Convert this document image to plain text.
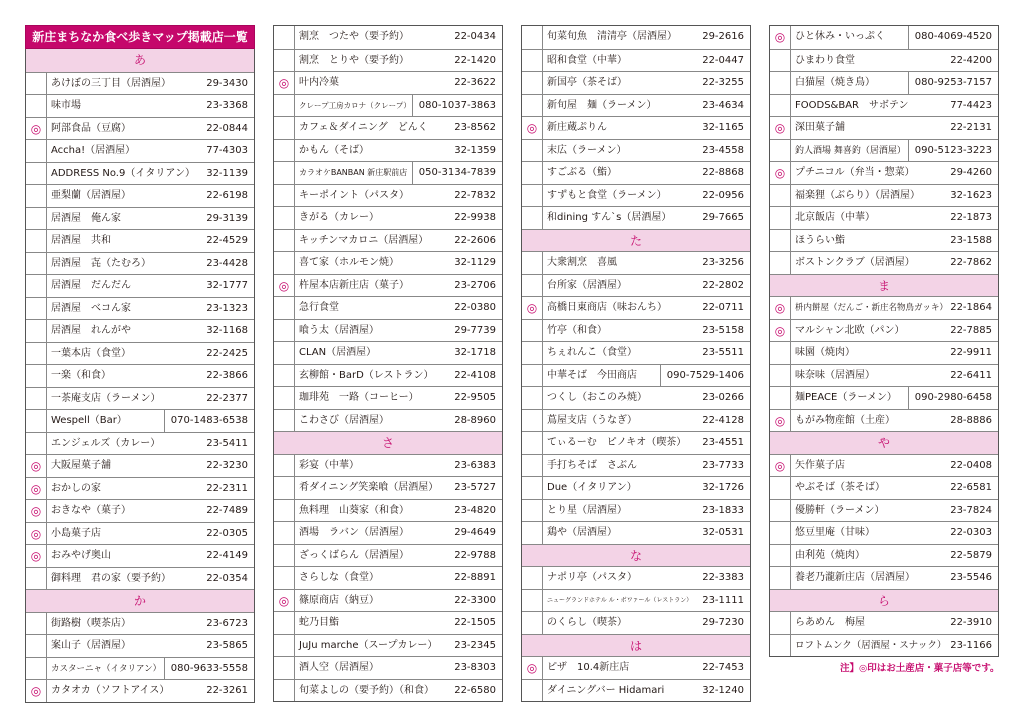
新庄まちなか食べ歩きマップ掲載店一覧
あ
あけぼの三丁目（居酒屋）	29-3430
味市場	23-3368
◎ 阿部食品（豆腐）	22-0844
Accha!（居酒屋）	77-4303
ADDRESS No.9（イタリアン）	32-1139
亜梨蘭（居酒屋）	22-6198
居酒屋　俺ん家	29-3139
居酒屋　共和	22-4529
居酒屋　㐂（たむろ）	23-4428
居酒屋　だんだん	32-1777
居酒屋　べコん家	23-1323
居酒屋　れんがや	32-1168
一葉本店（食堂）	22-2425
一楽（和食）	22-3866
一茶庵支店（ラーメン）	22-2377
Wespell（Bar）	070-1483-6538
エンジェルズ（カレー）	23-5411
◎ 大阪屋菓子舗	22-3230
◎ おかしの家	22-2311
◎ おきなや（菓子）	22-7489
◎ 小島菓子店	22-0305
◎ おみやげ奥山	22-4149
御料理　君の家（要予約）	22-0354
か
街路樹（喫茶店）	23-6723
案山子（居酒屋）	23-5865
カスターニャ（イタリアン） 080-9633-5558
◎ カタオカ（ソフトアイス）	22-3261
割烹　つたや（要予約）	22-0434
割烹　とりや（要予約）	22-1420
◎ 叶内冷菓	22-3622
クレープ工房カロナ（クレープ） 080-1037-3863
カフェ＆ダイニング　どんく	23-8562
かもん（そば）	32-1359
カラオケBANBAN 新庄駅前店	050-3134-7839
キーポイント（パスタ）	22-7832
きがる（カレー）	22-9938
キッチンマカロニ（居酒屋）	22-2606
喜て家（ホルモン焼）	32-1129
◎ 杵屋本店新庄店（菓子）	23-2706
急行食堂	22-0380
喰う太（居酒屋）	29-7739
CLAN（居酒屋）	32-1718
玄柳館・BarD（レストラン）	22-4108
珈琲苑　一路（コーヒー）	22-9505
こわさび（居酒屋）	28-8960
さ
彩宴（中華）	23-6383
肴ダイニング笑楽喰（居酒屋）	23-5727
魚料理　山葵家（和食）	23-4820
酒場　ラバン（居酒屋）	29-4649
ざっくばらん（居酒屋）	22-9788
さらしな（食堂）	22-8891
◎ 篠原商店（納豆）	22-3300
蛇乃目鮨	22-1505
JuJu marche（スープカレー）	23-2345
酒人空（居酒屋）	23-8303
旬菜よしの（要予約）（和食）	22-6580
旬菜旬魚　清清亭（居酒屋）	29-2616
昭和食堂（中華）	22-0447
新国亭（茶そば）	22-3255
新旬屋　麺（ラーメン）	23-4634
◎ 新庄蔵ぷりん	32-1165
末広（ラーメン）	23-4558
すごぶる（鮨）	22-8868
すずもと食堂（ラーメン）	22-0956
和dining すん`s（居酒屋）	29-7665
た
大衆割烹　喜風	23-3256
台所家（居酒屋）	22-2802
◎ 高橋日東商店（味おんち）	22-0711
竹亭（和食）	23-5158
ちぇれんこ（食堂）	23-5511
中華そば　今田商店	090-7529-1406
つくし（おこのみ焼）	23-0266
蔦屋支店（うなぎ）	22-4128
てぃるーむ　ピノキオ（喫茶）	23-4551
手打ちそば　さぶん	23-7733
Due（イタリアン）	32-1726
とり星（居酒屋）	23-1833
鶏や（居酒屋）	32-0531
な
ナポリ亭（パスタ）	22-3383
ニューグランドホテル ル・ボワァール（レストラン） 23-1111
のくらし（喫茶）	29-7230
は
◎ ピザ　10.4新庄店	22-7453
ダイニングバー Hidamari	32-1240
◎ ひと休み・いっぷく	080-4069-4520
ひまわり食堂	22-4200
白猫屋（焼き鳥）	080-9253-7157
FOODS&BAR　サボテン	77-4423
◎ 深田菓子舗	22-2131
釣人酒場 舞喜釣（居酒屋） 090-5123-3223
◎ プチニコル（弁当・惣菜）	29-4260
福楽狸（ぶらり）（居酒屋）	32-1623
北京飯店（中華）	22-1873
ほうらい鮨	23-1588
ボストンクラブ（居酒屋）	22-7862
ま
◎	枡内餅屋（だんご・新庄名物鳥ガッキ） 22-1864
◎ マルシャン北欧（パン）	22-7885
味園（焼肉）	22-9911
味奈味（居酒屋）	22-6411
麺PEACE（ラーメン）	090-2980-6458
◎ もがみ物産館（土産）	28-8886
や
◎ 矢作菓子店	22-0408
やぶそば（茶そば）	22-6581
優勝軒（ラーメン）	23-7824
悠豆里庵（甘味）	22-0303
由利苑（焼肉）	22-5879
養老乃瀧新庄店（居酒屋）	23-5546
ら
らあめん　梅屋	22-3910
ロフトムンク（居酒屋・スナック） 23-1166
注】◎印はお土産店・菓子店等です。
